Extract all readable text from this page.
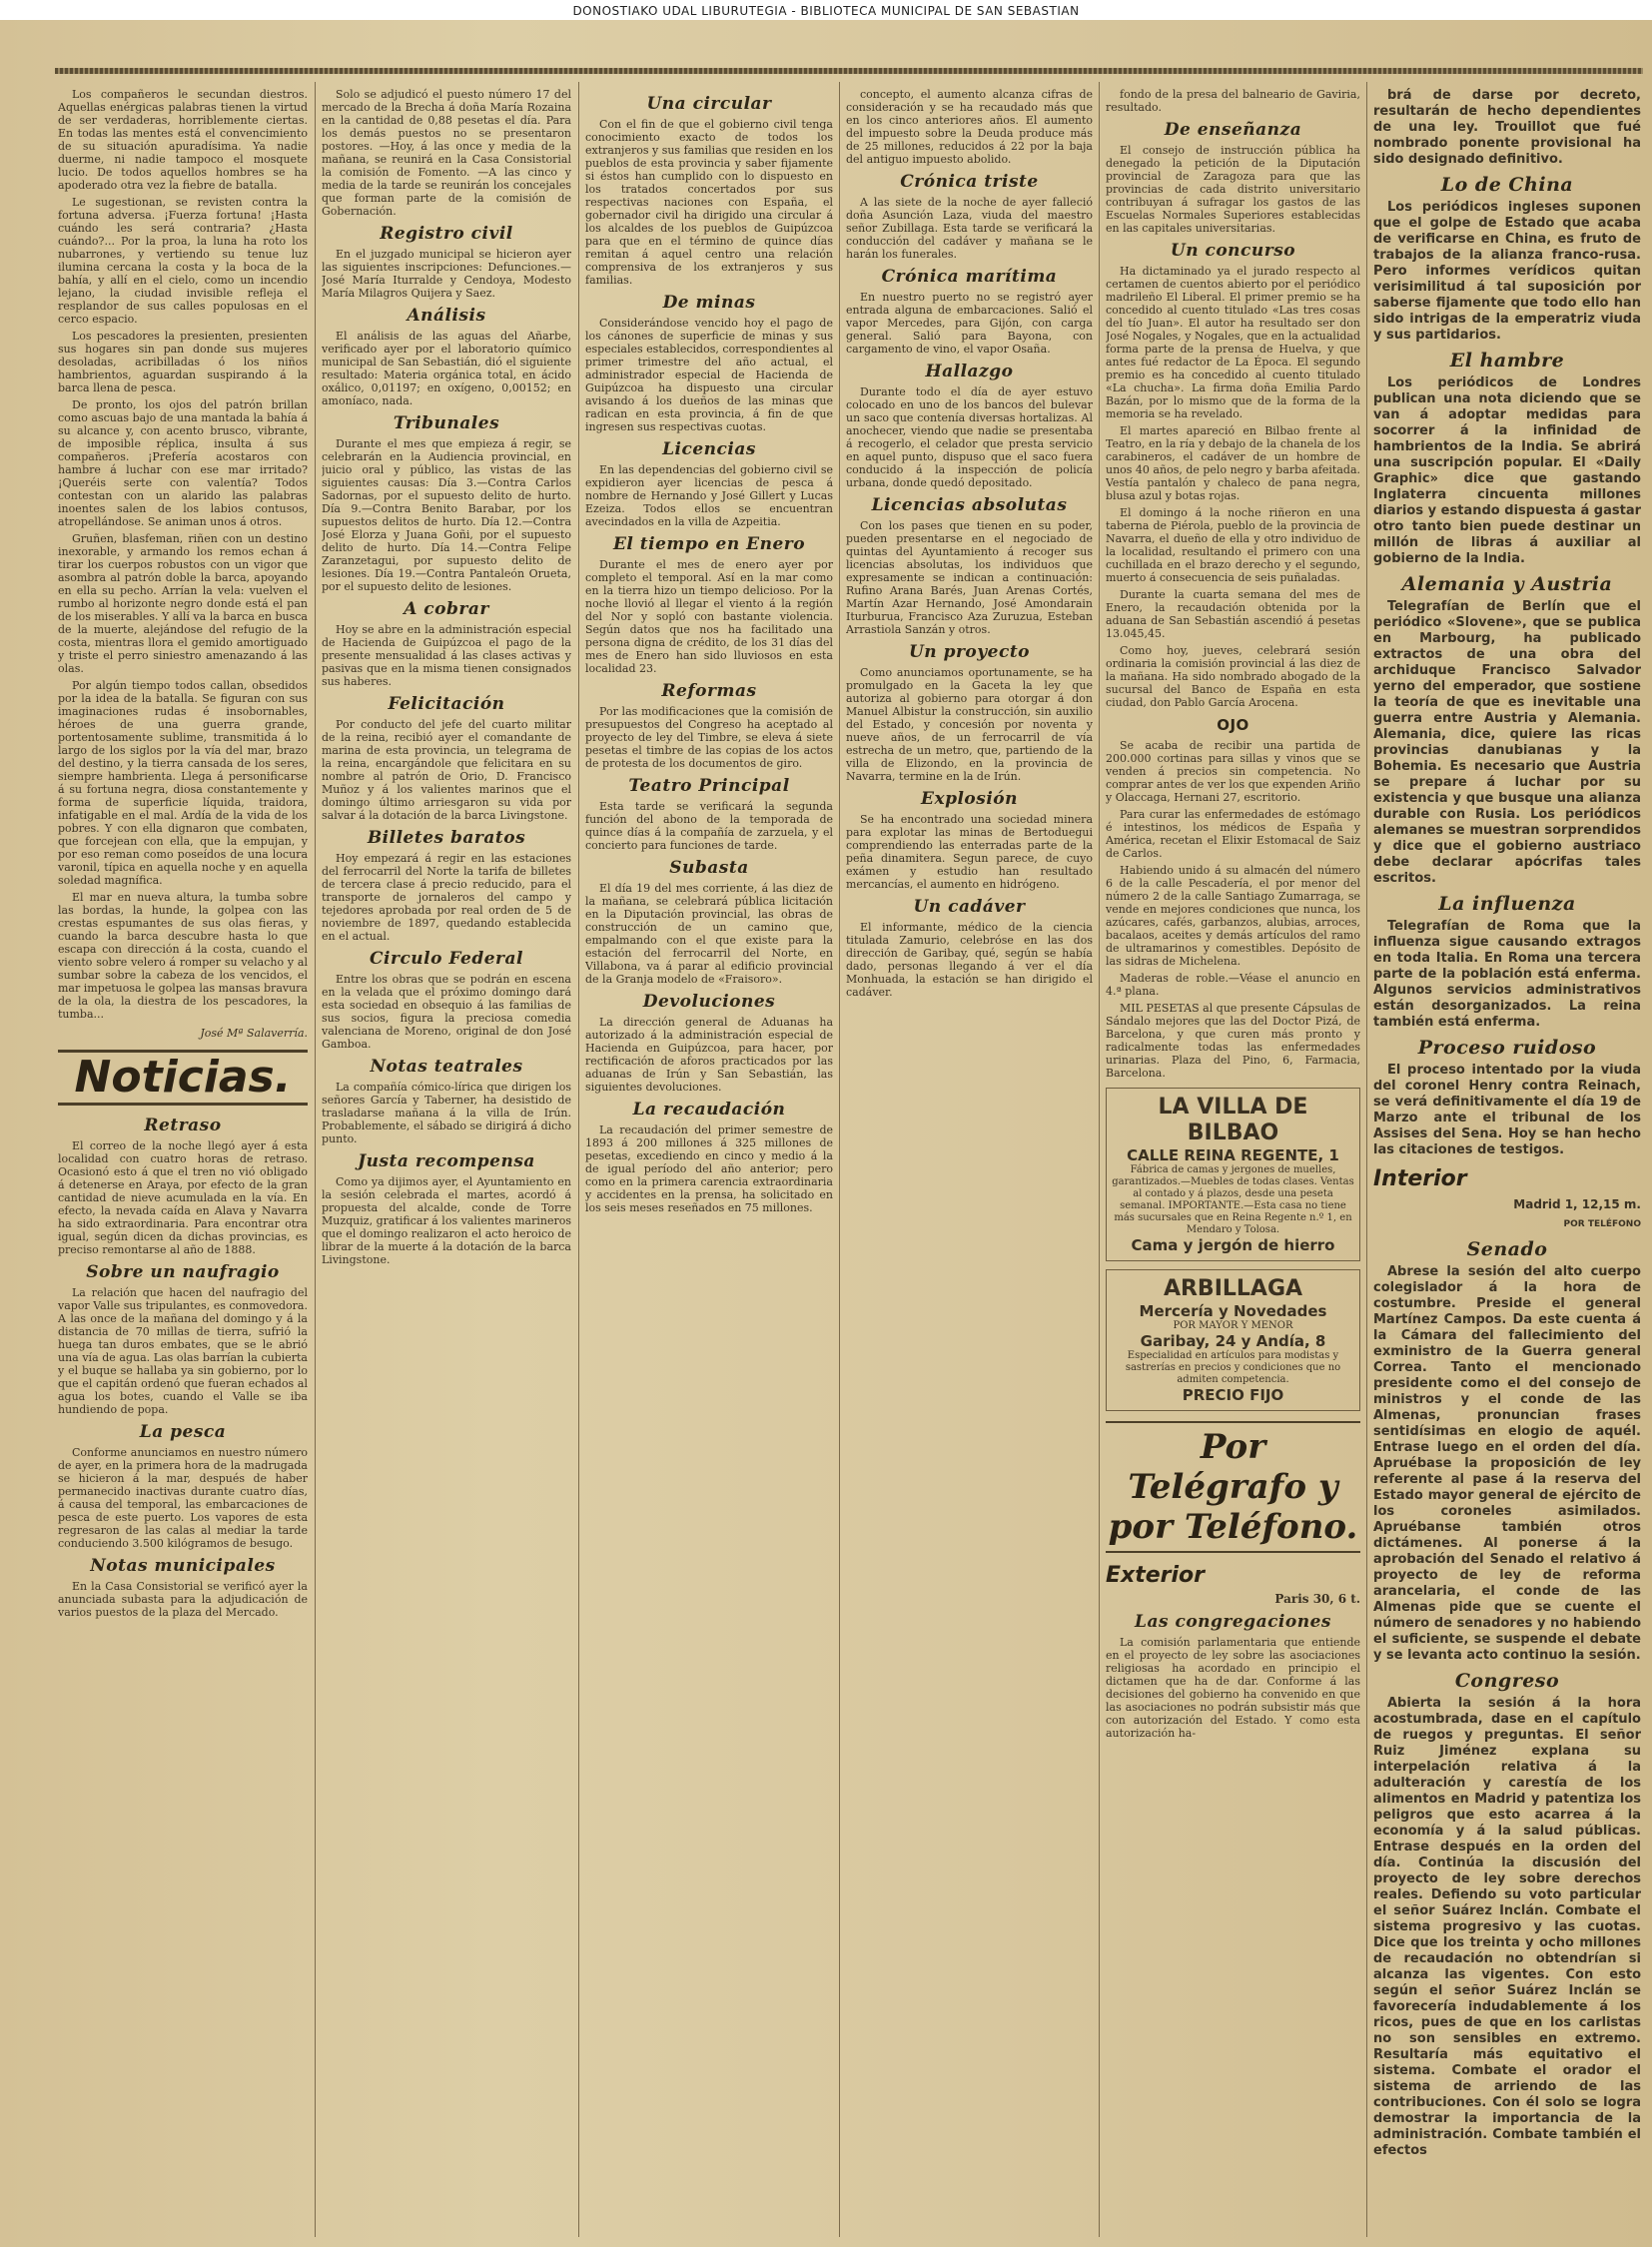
DONOSTIAKO UDAL LIBURUTEGIA - BIBLIOTECA MUNICIPAL DE SAN SEBASTIAN

Los compañeros le secundan diestros. Aquellas enérgicas palabras tienen la virtud de ser verdaderas, horriblemente ciertas. En todas las mentes está el convencimiento de su situación apuradísima. Ya nadie duerme, ni nadie tampoco el mosquete lucio. De todos aquellos hombres se ha apoderado otra vez la fiebre de batalla.

Le sugestionan, se revisten contra la fortuna adversa. ¡Fuerza fortuna! ¡Hasta cuándo les será contraria? ¿Hasta cuándo?... Por la proa, la luna ha roto los nubarrones, y vertiendo su tenue luz ilumina cercana la costa y la boca de la bahía, y allí en el cielo, como un incendio lejano, la ciudad invisible refleja el resplandor de sus calles populosas en el cerco espacio.

Los pescadores la presienten, presienten sus hogares sin pan donde sus mujeres desoladas, acribilladas ó los niños hambrientos, aguardan suspirando á la barca llena de pesca.

De pronto, los ojos del patrón brillan como ascuas bajo de una mantada la bahía á su alcance y, con acento brusco, vibrante, de imposible réplica, insulta á sus compañeros. ¡Prefería acostaros con hambre á luchar con ese mar irritado? ¡Queréis serte con valentía? Todos contestan con un alarido las palabras inoentes salen de los labios contusos, atropellándose. Se animan unos á otros.

Gruñen, blasfeman, riñen con un destino inexorable, y armando los remos echan á tirar los cuerpos robustos con un vigor que asombra al patrón doble la barca, apoyando en ella su pecho. Arrían la vela: vuelven el rumbo al horizonte negro donde está el pan de los miserables. Y allí va la barca en busca de la muerte, alejándose del refugio de la costa, mientras llora el gemido amortiguado y triste el perro siniestro amenazando á las olas.

Por algún tiempo todos callan, obsedidos por la idea de la batalla. Se figuran con sus imaginaciones rudas é insobornables, héroes de una guerra grande, portentosamente sublime, transmitida á lo largo de los siglos por la vía del mar, brazo del destino, y la tierra cansada de los seres, siempre hambrienta. Llega á personificarse á su fortuna negra, diosa constantemente y forma de superficie líquida, traidora, infatigable en el mal. Ardía de la vida de los pobres. Y con ella dignaron que combaten, que forcejean con ella, que la empujan, y por eso reman como poseídos de una locura varonil, típica en aquella noche y en aquella soledad magnífica.

El mar en nueva altura, la tumba sobre las bordas, la hunde, la golpea con las crestas espumantes de sus olas fieras, y cuando la barca descubre hasta lo que escapa con dirección á la costa, cuando el viento sobre velero á romper su velacho y al sumbar sobre la cabeza de los vencidos, el mar impetuosa le golpea las mansas bravura de la ola, la diestra de los pescadores, la tumba...

José Mª Salaverría.
Noticias.
Retraso

El correo de la noche llegó ayer á esta localidad con cuatro horas de retraso. Ocasionó esto á que el tren no vió obligado á detenerse en Araya, por efecto de la gran cantidad de nieve acumulada en la vía. En efecto, la nevada caída en Alava y Navarra ha sido extraordinaria. Para encontrar otra igual, según dicen da dichas provincias, es preciso remontarse al año de 1888.

Sobre un naufragio

La relación que hacen del naufragio del vapor Valle sus tripulantes, es conmovedora. A las once de la mañana del domingo y á la distancia de 70 millas de tierra, sufrió la huega tan duros embates, que se le abrió una vía de agua. Las olas barrían la cubierta y el buque se hallaba ya sin gobierno, por lo que el capitán ordenó que fueran echados al agua los botes, cuando el Valle se iba hundiendo de popa.

La pesca

Conforme anunciamos en nuestro número de ayer, en la primera hora de la madrugada se hicieron á la mar, después de haber permanecido inactivas durante cuatro días, á causa del temporal, las embarcaciones de pesca de este puerto. Los vapores de esta regresaron de las calas al mediar la tarde conduciendo 3.500 kilógramos de besugo.

Notas municipales

En la Casa Consistorial se verificó ayer la anunciada subasta para la adjudicación de varios puestos de la plaza del Mercado.

Solo se adjudicó el puesto número 17 del mercado de la Brecha á doña María Rozaina en la cantidad de 0,88 pesetas el día. Para los demás puestos no se presentaron postores. —Hoy, á las once y media de la mañana, se reunirá en la Casa Consistorial la comisión de Fomento. —A las cinco y media de la tarde se reunirán los concejales que forman parte de la comisión de Gobernación.

Registro civil

En el juzgado municipal se hicieron ayer las siguientes inscripciones: Defunciones.—José María Iturralde y Cendoya, Modesto María Milagros Quijera y Saez.

Análisis

El análisis de las aguas del Añarbe, verificado ayer por el laboratorio químico municipal de San Sebastián, dió el siguiente resultado: Materia orgánica total, en ácido oxálico, 0,01197; en oxígeno, 0,00152; en amoníaco, nada.

Tribunales

Durante el mes que empieza á regir, se celebrarán en la Audiencia provincial, en juicio oral y público, las vistas de las siguientes causas: Día 3.—Contra Carlos Sadornas, por el supuesto delito de hurto. Día 9.—Contra Benito Barabar, por los supuestos delitos de hurto. Día 12.—Contra José Elorza y Juana Goñi, por el supuesto delito de hurto. Día 14.—Contra Felipe Zaranzetagui, por supuesto delito de lesiones. Día 19.—Contra Pantaleón Orueta, por el supuesto delito de lesiones.

A cobrar

Hoy se abre en la administración especial de Hacienda de Guipúzcoa el pago de la presente mensualidad á las clases activas y pasivas que en la misma tienen consignados sus haberes.

Felicitación

Por conducto del jefe del cuarto militar de la reina, recibió ayer el comandante de marina de esta provincia, un telegrama de la reina, encargándole que felicitara en su nombre al patrón de Orio, D. Francisco Muñoz y á los valientes marinos que el domingo último arriesgaron su vida por salvar á la dotación de la barca Livingstone.

Billetes baratos

Hoy empezará á regir en las estaciones del ferrocarril del Norte la tarifa de billetes de tercera clase á precio reducido, para el transporte de jornaleros del campo y tejedores aprobada por real orden de 5 de noviembre de 1897, quedando establecida en el actual.

Circulo Federal

Entre los obras que se podrán en escena en la velada que el próximo domingo dará esta sociedad en obsequio á las familias de sus socios, figura la preciosa comedia valenciana de Moreno, original de don José Gamboa.

Notas teatrales

La compañía cómico-lírica que dirigen los señores García y Taberner, ha desistido de trasladarse mañana á la villa de Irún. Probablemente, el sábado se dirigirá á dicho punto.

Justa recompensa

Como ya dijimos ayer, el Ayuntamiento en la sesión celebrada el martes, acordó á propuesta del alcalde, conde de Torre Muzquiz, gratificar á los valientes marineros que el domingo realizaron el acto heroico de librar de la muerte á la dotación de la barca Livingstone.

Una circular

Con el fin de que el gobierno civil tenga conocimiento exacto de todos los extranjeros y sus familias que residen en los pueblos de esta provincia y saber fijamente si éstos han cumplido con lo dispuesto en los tratados concertados por sus respectivas naciones con España, el gobernador civil ha dirigido una circular á los alcaldes de los pueblos de Guipúzcoa para que en el término de quince días remitan á aquel centro una relación comprensiva de los extranjeros y sus familias.

De minas

Considerándose vencido hoy el pago de los cánones de superficie de minas y sus especiales establecidos, correspondientes al primer trimestre del año actual, el administrador especial de Hacienda de Guipúzcoa ha dispuesto una circular avisando á los dueños de las minas que radican en esta provincia, á fin de que ingresen sus respectivas cuotas.

Licencias

En las dependencias del gobierno civil se expidieron ayer licencias de pesca á nombre de Hernando y José Gillert y Lucas Ezeiza. Todos ellos se encuentran avecindados en la villa de Azpeitia.

El tiempo en Enero

Durante el mes de enero ayer por completo el temporal. Así en la mar como en la tierra hizo un tiempo delicioso. Por la noche llovió al llegar el viento á la región del Nor y sopló con bastante violencia. Según datos que nos ha facilitado una persona digna de crédito, de los 31 días del mes de Enero han sido lluviosos en esta localidad 23.

Reformas

Por las modificaciones que la comisión de presupuestos del Congreso ha aceptado al proyecto de ley del Timbre, se eleva á siete pesetas el timbre de las copias de los actos de protesta de los documentos de giro.

Teatro Principal

Esta tarde se verificará la segunda función del abono de la temporada de quince días á la compañía de zarzuela, y el concierto para funciones de tarde.

Subasta

El día 19 del mes corriente, á las diez de la mañana, se celebrará pública licitación en la Diputación provincial, las obras de construcción de un camino que, empalmando con el que existe para la estación del ferrocarril del Norte, en Villabona, va á parar al edificio provincial de la Granja modelo de «Fraisoro».

Devoluciones

La dirección general de Aduanas ha autorizado á la administración especial de Hacienda en Guipúzcoa, para hacer, por rectificación de aforos practicados por las aduanas de Irún y San Sebastián, las siguientes devoluciones.

La recaudación

La recaudación del primer semestre de 1893 á 200 millones á 325 millones de pesetas, excediendo en cinco y medio á la de igual período del año anterior; pero como en la primera carencia extraordinaria y accidentes en la prensa, ha solicitado en los seis meses reseñados en 75 millones.

concepto, el aumento alcanza cifras de consideración y se ha recaudado más que en los cinco anteriores años. El aumento del impuesto sobre la Deuda produce más de 25 millones, reducidos á 22 por la baja del antiguo impuesto abolido.

Crónica triste

A las siete de la noche de ayer falleció doña Asunción Laza, viuda del maestro señor Zubillaga. Esta tarde se verificará la conducción del cadáver y mañana se le harán los funerales.

Crónica marítima

En nuestro puerto no se registró ayer entrada alguna de embarcaciones. Salió el vapor Mercedes, para Gijón, con carga general. Salió para Bayona, con cargamento de vino, el vapor Osaña.

Hallazgo

Durante todo el día de ayer estuvo colocado en uno de los bancos del bulevar un saco que contenía diversas hortalizas. Al anochecer, viendo que nadie se presentaba á recogerlo, el celador que presta servicio en aquel punto, dispuso que el saco fuera conducido á la inspección de policía urbana, donde quedó depositado.

Licencias absolutas

Con los pases que tienen en su poder, pueden presentarse en el negociado de quintas del Ayuntamiento á recoger sus licencias absolutas, los individuos que expresamente se indican a continuación: Rufino Arana Barés, Juan Arenas Cortés, Martín Azar Hernando, José Amondarain Iturburua, Francisco Aza Zuruzua, Esteban Arrastiola Sanzán y otros.

Un proyecto

Como anunciamos oportunamente, se ha promulgado en la Gaceta la ley que autoriza al gobierno para otorgar á don Manuel Albistur la construcción, sin auxilio del Estado, y concesión por noventa y nueve años, de un ferrocarril de vía estrecha de un metro, que, partiendo de la villa de Elizondo, en la provincia de Navarra, termine en la de Irún.

Explosión

Se ha encontrado una sociedad minera para explotar las minas de Bertoduegui comprendiendo las enterradas parte de la peña dinamitera. Segun parece, de cuyo exámen y estudio han resultado mercancías, el aumento en hidrógeno.

Un cadáver

El informante, médico de la ciencia titulada Zamurio, celebróse en las dos dirección de Garibay, qué, según se había dado, personas llegando á ver el día Monhuada, la estación se han dirigido el cadáver.

fondo de la presa del balneario de Gaviria, resultado.

De enseñanza

El consejo de instrucción pública ha denegado la petición de la Diputación provincial de Zaragoza para que las provincias de cada distrito universitario contribuyan á sufragar los gastos de las Escuelas Normales Superiores establecidas en las capitales universitarias.

Un concurso

Ha dictaminado ya el jurado respecto al certamen de cuentos abierto por el periódico madrileño El Liberal. El primer premio se ha concedido al cuento titulado «Las tres cosas del tío Juan». El autor ha resultado ser don José Nogales, y Nogales, que en la actualidad forma parte de la prensa de Huelva, y que antes fué redactor de La Época. El segundo premio es ha concedido al cuento titulado «La chucha». La firma doña Emilia Pardo Bazán, por lo mismo que de la forma de la memoria se ha revelado.

El martes apareció en Bilbao frente al Teatro, en la ría y debajo de la chanela de los carabineros, el cadáver de un hombre de unos 40 años, de pelo negro y barba afeitada. Vestía pantalón y chaleco de pana negra, blusa azul y botas rojas.

El domingo á la noche riñeron en una taberna de Piérola, pueblo de la provincia de Navarra, el dueño de ella y otro individuo de la localidad, resultando el primero con una cuchillada en el brazo derecho y el segundo, muerto á consecuencia de seis puñaladas.

Durante la cuarta semana del mes de Enero, la recaudación obtenida por la aduana de San Sebastián ascendió á pesetas 13.045,45.

Como hoy, jueves, celebrará sesión ordinaria la comisión provincial á las diez de la mañana. Ha sido nombrado abogado de la sucursal del Banco de España en esta ciudad, don Pablo García Arocena.

OJO

Se acaba de recibir una partida de 200.000 cortinas para sillas y vinos que se venden á precios sin competencia. No comprar antes de ver los que expenden Ariño y Olaccaga, Hernani 27, escritorio.

Para curar las enfermedades de estómago é intestinos, los médicos de España y América, recetan el Elixir Estomacal de Saiz de Carlos.

Habiendo unido á su almacén del número 6 de la calle Pescadería, el por menor del número 2 de la calle Santiago Zumarraga, se vende en mejores condiciones que nunca, los azúcares, cafés, garbanzos, alubias, arroces, bacalaos, aceites y demás artículos del ramo de ultramarinos y comestibles. Depósito de las sidras de Michelena.

Maderas de roble.—Véase el anuncio en 4.ª plana.

MIL PESETAS al que presente Cápsulas de Sándalo mejores que las del Doctor Pizá, de Barcelona, y que curen más pronto y radicalmente todas las enfermedades urinarias. Plaza del Pino, 6, Farmacia, Barcelona.

LA VILLA DE BILBAO
CALLE REINA REGENTE, 1
Fábrica de camas y jergones de muelles, garantizados.—Muebles de todas clases. Ventas al contado y á plazos, desde una peseta semanal. IMPORTANTE.—Esta casa no tiene más sucursales que en Reina Regente n.º 1, en Mendaro y Tolosa.
Cama y jergón de hierro
ARBILLAGA
Mercería y Novedades
POR MAYOR Y MENOR
Garibay, 24 y Andía, 8
Especialidad en artículos para modistas y sastrerías en precios y condiciones que no admiten competencia.
PRECIO FIJO
Por Telégrafo y por Teléfono.
Exterior
Paris 30, 6 t.
Las congregaciones

La comisión parlamentaria que entiende en el proyecto de ley sobre las asociaciones religiosas ha acordado en principio el dictamen que ha de dar. Conforme á las decisiones del gobierno ha convenido en que las asociaciones no podrán subsistir más que con autorización del Estado. Y como esta autorización ha-

brá de darse por decreto, resultarán de hecho dependientes de una ley. Trouillot que fué nombrado ponente provisional ha sido designado definitivo.

Lo de China

Los periódicos ingleses suponen que el golpe de Estado que acaba de verificarse en China, es fruto de trabajos de la alianza franco-rusa. Pero informes verídicos quitan verisimilitud á tal suposición por saberse fijamente que todo ello han sido intrigas de la emperatriz viuda y sus partidarios.

El hambre

Los periódicos de Londres publican una nota diciendo que se van á adoptar medidas para socorrer á la infinidad de hambrientos de la India. Se abrirá una suscripción popular. El «Daily Graphic» dice que gastando Inglaterra cincuenta millones diarios y estando dispuesta á gastar otro tanto bien puede destinar un millón de libras á auxiliar al gobierno de la India.

Alemania y Austria

Telegrafían de Berlín que el periódico «Slovene», que se publica en Marbourg, ha publicado extractos de una obra del archiduque Francisco Salvador yerno del emperador, que sostiene la teoría de que es inevitable una guerra entre Austria y Alemania. Alemania, dice, quiere las ricas provincias danubianas y la Bohemia. Es necesario que Austria se prepare á luchar por su existencia y que busque una alianza durable con Rusia. Los periódicos alemanes se muestran sorprendidos y dice que el gobierno austriaco debe declarar apócrifas tales escritos.

La influenza

Telegrafían de Roma que la influenza sigue causando extragos en toda Italia. En Roma una tercera parte de la población está enferma. Algunos servicios administrativos están desorganizados. La reina también está enferma.

Proceso ruidoso

El proceso intentado por la viuda del coronel Henry contra Reinach, se verá definitivamente el día 19 de Marzo ante el tribunal de los Assises del Sena. Hoy se han hecho las citaciones de testigos.

Interior
Madrid 1, 12,15 m.
POR TELÉFONO
Senado

Abrese la sesión del alto cuerpo colegislador á la hora de costumbre. Preside el general Martínez Campos. Da este cuenta á la Cámara del fallecimiento del exministro de la Guerra general Correa. Tanto el mencionado presidente como el del consejo de ministros y el conde de las Almenas, pronuncian frases sentidísimas en elogio de aquél. Entrase luego en el orden del día. Apruébase la proposición de ley referente al pase á la reserva del Estado mayor general de ejército de los coroneles asimilados. Apruébanse también otros dictámenes. Al ponerse á la aprobación del Senado el relativo á proyecto de ley de reforma arancelaria, el conde de las Almenas pide que se cuente el número de senadores y no habiendo el suficiente, se suspende el debate y se levanta acto continuo la sesión.

Congreso

Abierta la sesión á la hora acostumbrada, dase en el capítulo de ruegos y preguntas. El señor Ruiz Jiménez explana su interpelación relativa á la adulteración y carestía de los alimentos en Madrid y patentiza los peligros que esto acarrea á la economía y á la salud públicas. Entrase después en la orden del día. Continúa la discusión del proyecto de ley sobre derechos reales. Defiendo su voto particular el señor Suárez Inclán. Combate el sistema progresivo y las cuotas. Dice que los treinta y ocho millones de recaudación no obtendrían si alcanza las vigentes. Con esto según el señor Suárez Inclán se favorecería indudablemente á los ricos, pues de que en los carlistas no son sensibles en extremo. Resultaría más equitativo el sistema. Combate el orador el sistema de arriendo de las contribuciones. Con él solo se logra demostrar la importancia de la administración. Combate también el efectos
